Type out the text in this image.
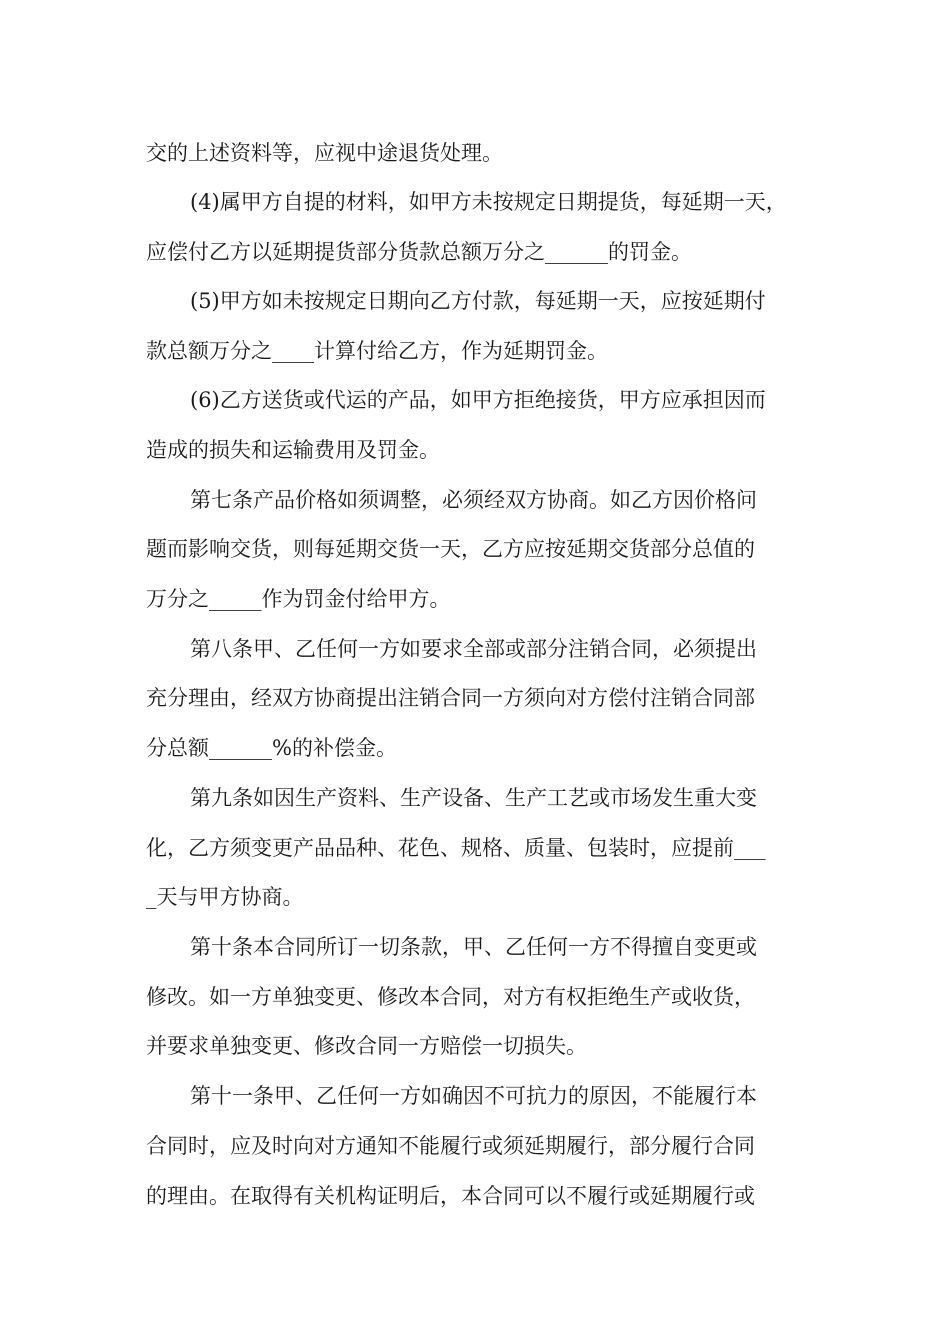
交的上述资料等，应视中途退货处理。
(4)属甲方自提的材料，如甲方未按规定日期提货，每延期一天，
应偿付乙方以延期提货部分货款总额万分之______的罚金。
(5)甲方如未按规定日期向乙方付款，每延期一天，应按延期付
款总额万分之____计算付给乙方，作为延期罚金。
(6)乙方送货或代运的产品，如甲方拒绝接货，甲方应承担因而
造成的损失和运输费用及罚金。
第七条产品价格如须调整，必须经双方协商。如乙方因价格问
题而影响交货，则每延期交货一天，乙方应按延期交货部分总值的
万分之_____作为罚金付给甲方。
第八条甲、乙任何一方如要求全部或部分注销合同，必须提出
充分理由，经双方协商提出注销合同一方须向对方偿付注销合同部
分总额______%的补偿金。
第九条如因生产资料、生产设备、生产工艺或市场发生重大变
化，乙方须变更产品品种、花色、规格、质量、包装时，应提前___
_天与甲方协商。
第十条本合同所订一切条款，甲、乙任何一方不得擅自变更或
修改。如一方单独变更、修改本合同，对方有权拒绝生产或收货，
并要求单独变更、修改合同一方赔偿一切损失。
第十一条甲、乙任何一方如确因不可抗力的原因，不能履行本
合同时，应及时向对方通知不能履行或须延期履行，部分履行合同
的理由。在取得有关机构证明后，本合同可以不履行或延期履行或
